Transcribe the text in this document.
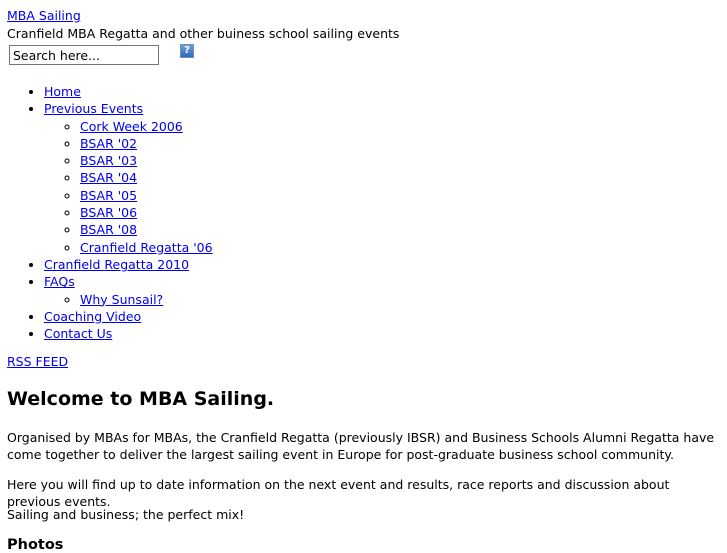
MBA Sailing

Cranfield MBA Regatta and other buiness school sailing events

Search here...
?
• Home
• Previous Events
◦ Cork Week 2006
◦ BSAR '02
◦ BSAR '03
◦ BSAR '04
◦ BSAR '05
◦ BSAR '06
◦ BSAR '08
◦ Cranfield Regatta '06
• Cranfield Regatta 2010
• FAQs
◦ Why Sunsail?
• Coaching Video
• Contact Us
RSS FEED
Welcome to MBA Sailing.

Organised by MBAs for MBAs, the Cranfield Regatta (previously IBSR) and Business Schools Alumni Regatta have come together to deliver the largest sailing event in Europe for post-graduate business school community.

Here you will find up to date information on the next event and results, race reports and discussion about previous events.

Sailing and business; the perfect mix!

Photos
